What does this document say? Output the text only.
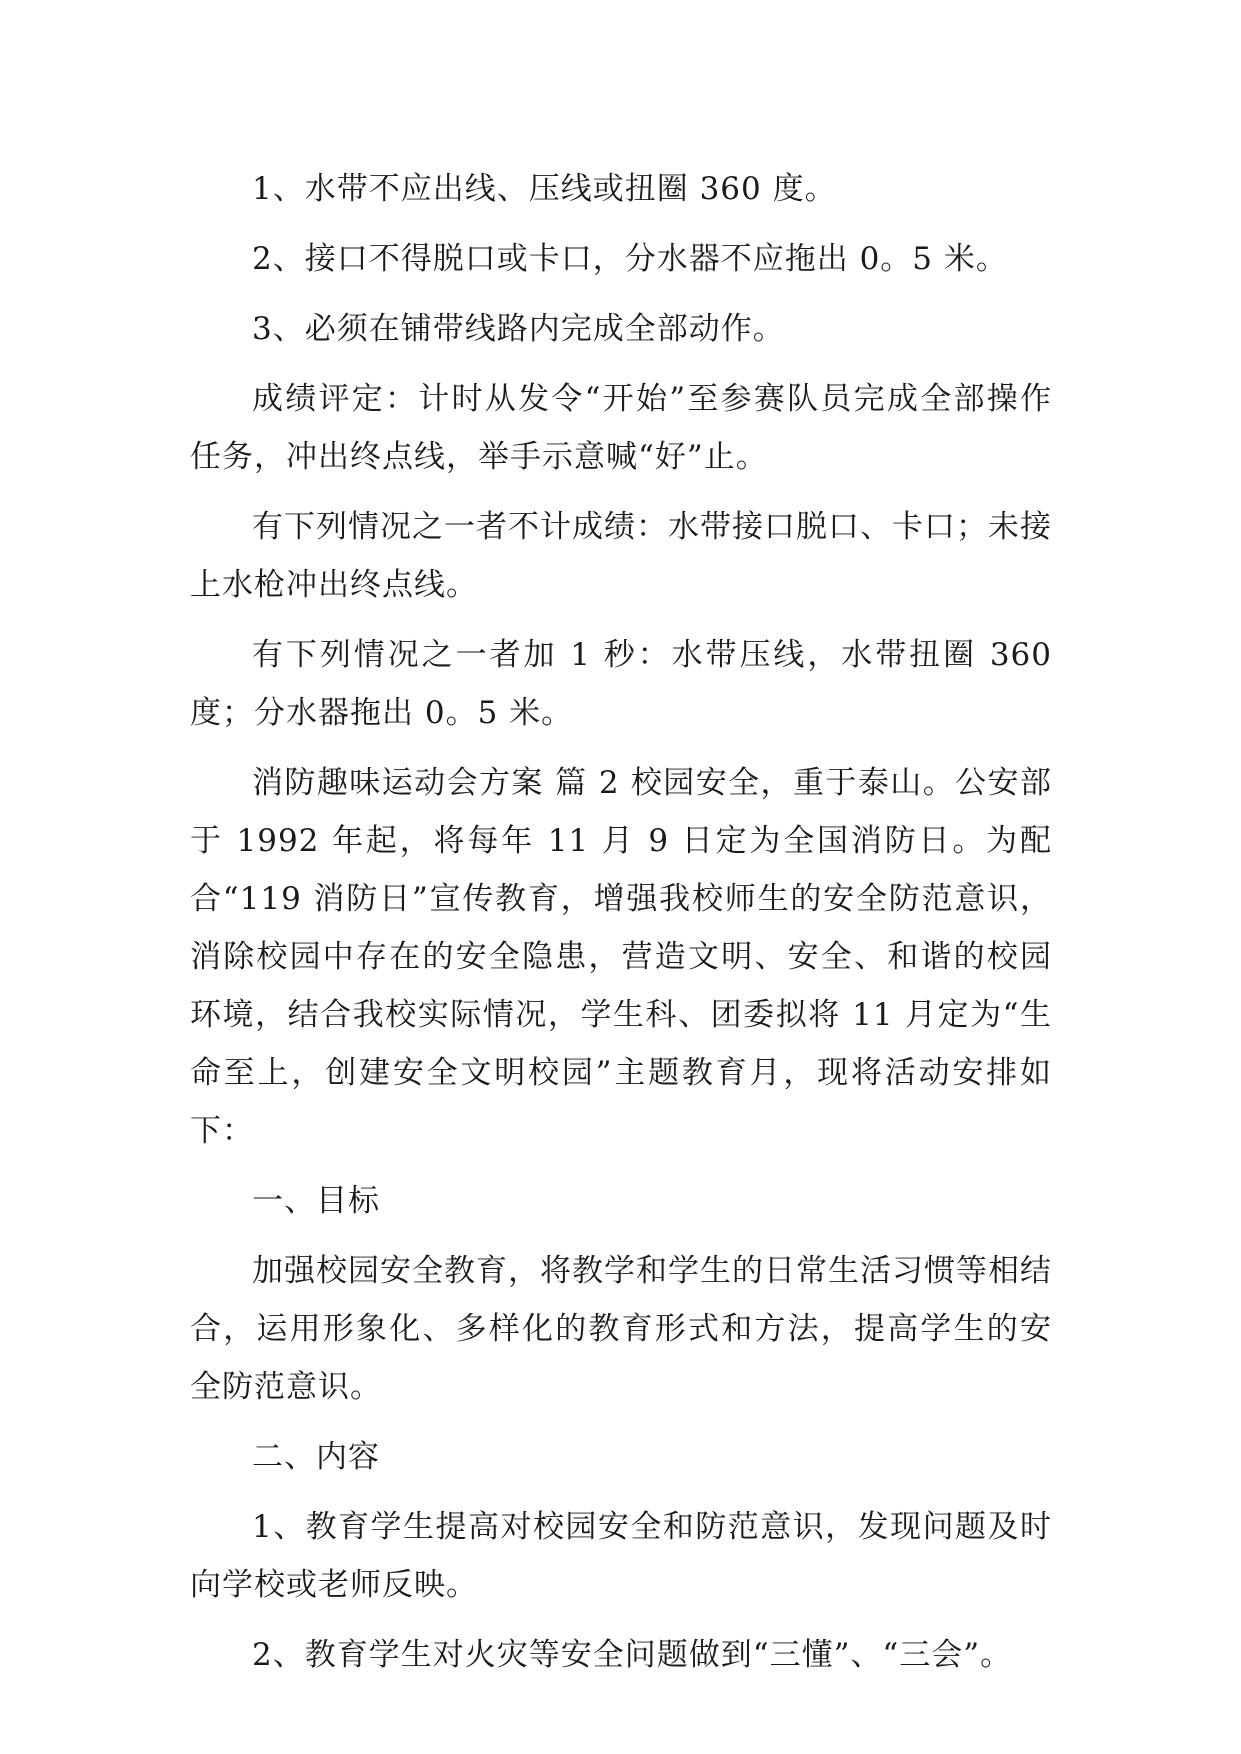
1、水带不应出线、压线或扭圈 360 度。

2、接口不得脱口或卡口，分水器不应拖出 0。5 米。

3、必须在铺带线路内完成全部动作。

成绩评定：计时从发令“开始”至参赛队员完成全部操作任务，冲出终点线，举手示意喊“好”止。

有下列情况之一者不计成绩：水带接口脱口、卡口；未接上水枪冲出终点线。

有下列情况之一者加 1 秒：水带压线，水带扭圈 360 度；分水器拖出 0。5 米。

消防趣味运动会方案 篇 2 校园安全，重于泰山。公安部于 1992 年起，将每年 11 月 9 日定为全国消防日。为配合“119 消防日”宣传教育，增强我校师生的安全防范意识，消除校园中存在的安全隐患，营造文明、安全、和谐的校园环境，结合我校实际情况，学生科、团委拟将 11 月定为“生命至上，创建安全文明校园”主题教育月，现将活动安排如下：

一、目标

加强校园安全教育，将教学和学生的日常生活习惯等相结合，运用形象化、多样化的教育形式和方法，提高学生的安全防范意识。

二、内容

1、教育学生提高对校园安全和防范意识，发现问题及时向学校或老师反映。

2、教育学生对火灾等安全问题做到“三懂”、“三会”。
